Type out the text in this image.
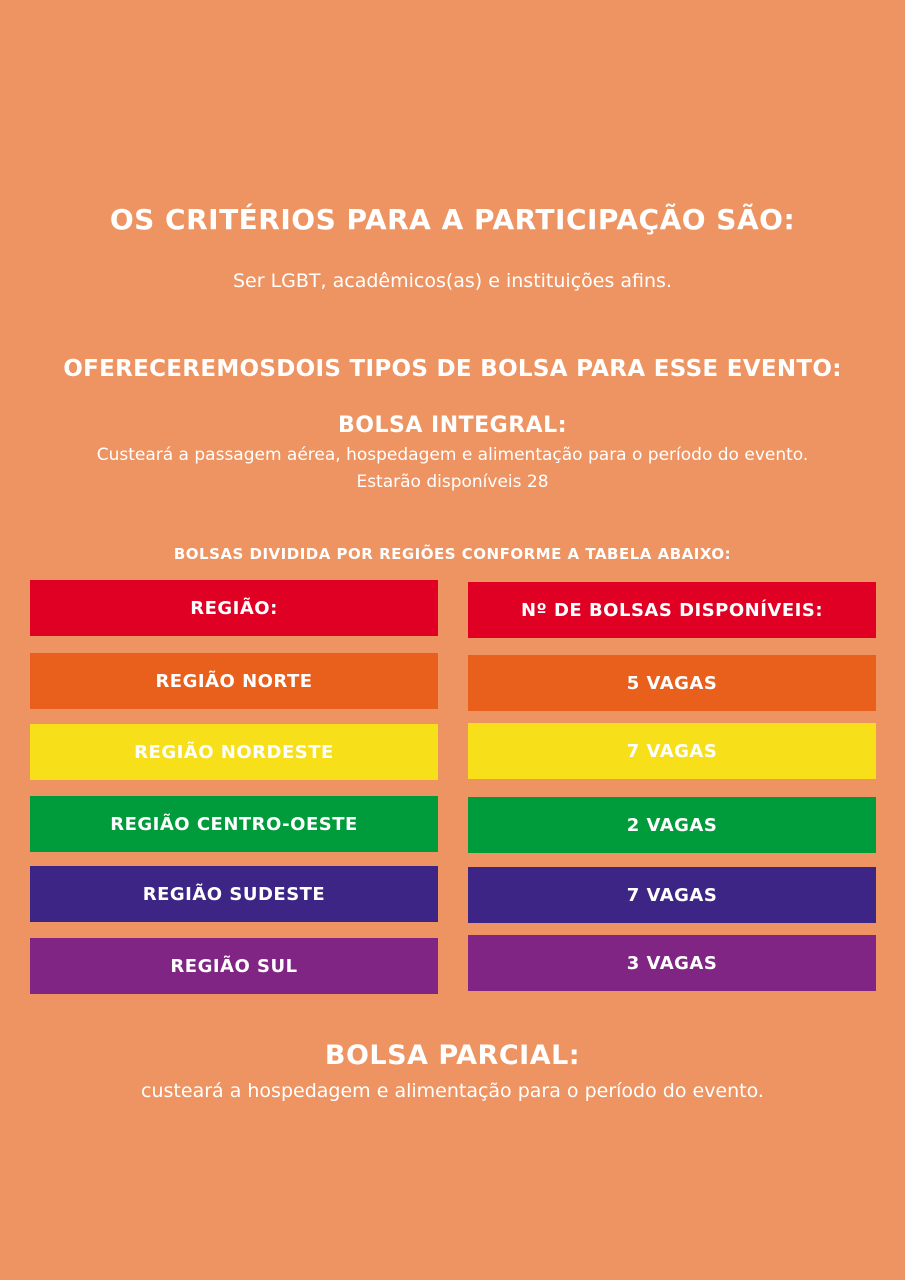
OS CRITÉRIOS PARA A PARTICIPAÇÃO SÃO:
Ser LGBT, acadêmicos(as) e instituições afins.
OFERECEREMOSDOIS TIPOS DE BOLSA PARA ESSE EVENTO:
BOLSA INTEGRAL:
Custeará a passagem aérea, hospedagem e alimentação para o período do evento.
Estarão disponíveis 28
BOLSAS DIVIDIDA POR REGIÕES CONFORME A TABELA ABAIXO:
REGIÃO:	Nº DE BOLSAS DISPONÍVEIS:
REGIÃO NORTE	5 VAGAS
REGIÃO NORDESTE	7 VAGAS
REGIÃO CENTRO-OESTE	2 VAGAS
REGIÃO SUDESTE	7 VAGAS
REGIÃO SUL	3 VAGAS
BOLSA PARCIAL:
custeará a hospedagem e alimentação para o período do evento.
